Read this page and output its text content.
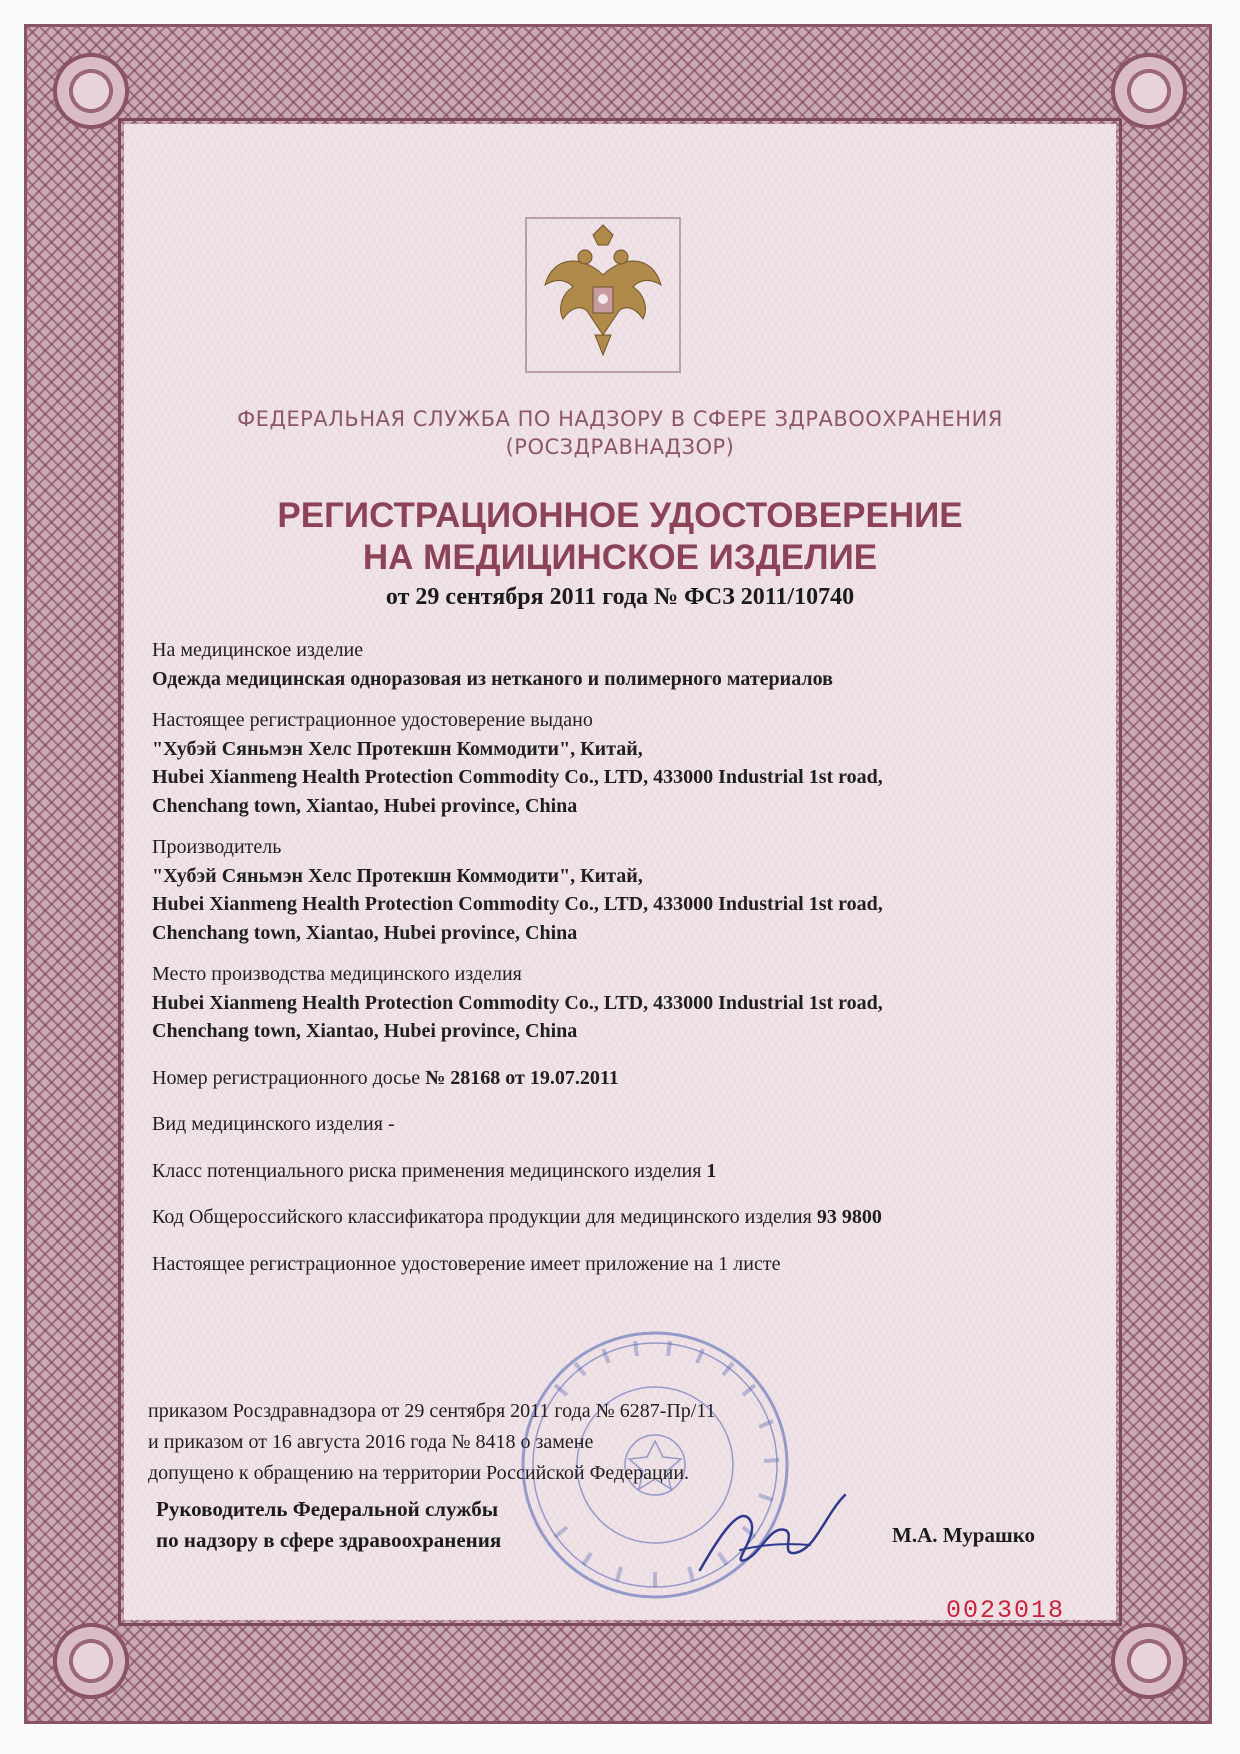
ФЕДЕРАЛЬНАЯ СЛУЖБА ПО НАДЗОРУ В СФЕРЕ ЗДРАВООХРАНЕНИЯ
(РОСЗДРАВНАДЗОР)
РЕГИСТРАЦИОННОЕ УДОСТОВЕРЕНИЕ
НА МЕДИЦИНСКОЕ ИЗДЕЛИЕ
от 29 сентября 2011 года № ФСЗ 2011/10740
На медицинское изделие
Одежда медицинская одноразовая из нетканого и полимерного материалов
Настоящее регистрационное удостоверение выдано
"Хубэй Сяньмэн Хелс Протекшн Коммодити", Китай,
Hubei Xianmeng Health Protection Commodity Co., LTD, 433000 Industrial 1st road,
Chenchang town, Xiantao, Hubei province, China
Производитель
"Хубэй Сяньмэн Хелс Протекшн Коммодити", Китай,
Hubei Xianmeng Health Protection Commodity Co., LTD, 433000 Industrial 1st road,
Chenchang town, Xiantao, Hubei province, China
Место производства медицинского изделия
Hubei Xianmeng Health Protection Commodity Co., LTD, 433000 Industrial 1st road,
Chenchang town, Xiantao, Hubei province, China
Номер регистрационного досье № 28168 от 19.07.2011
Вид медицинского изделия -
Класс потенциального риска применения медицинского изделия 1
Код Общероссийского классификатора продукции для медицинского изделия 93 9800
Настоящее регистрационное удостоверение имеет приложение на 1 листе
приказом Росздравнадзора от 29 сентября 2011 года № 6287-Пр/11
и приказом от 16 августа 2016 года № 8418 о замене
допущено к обращению на территории Российской Федерации.
Руководитель Федеральной службы
по надзору в сфере здравоохранения	М.А. Мурашко
0023018
